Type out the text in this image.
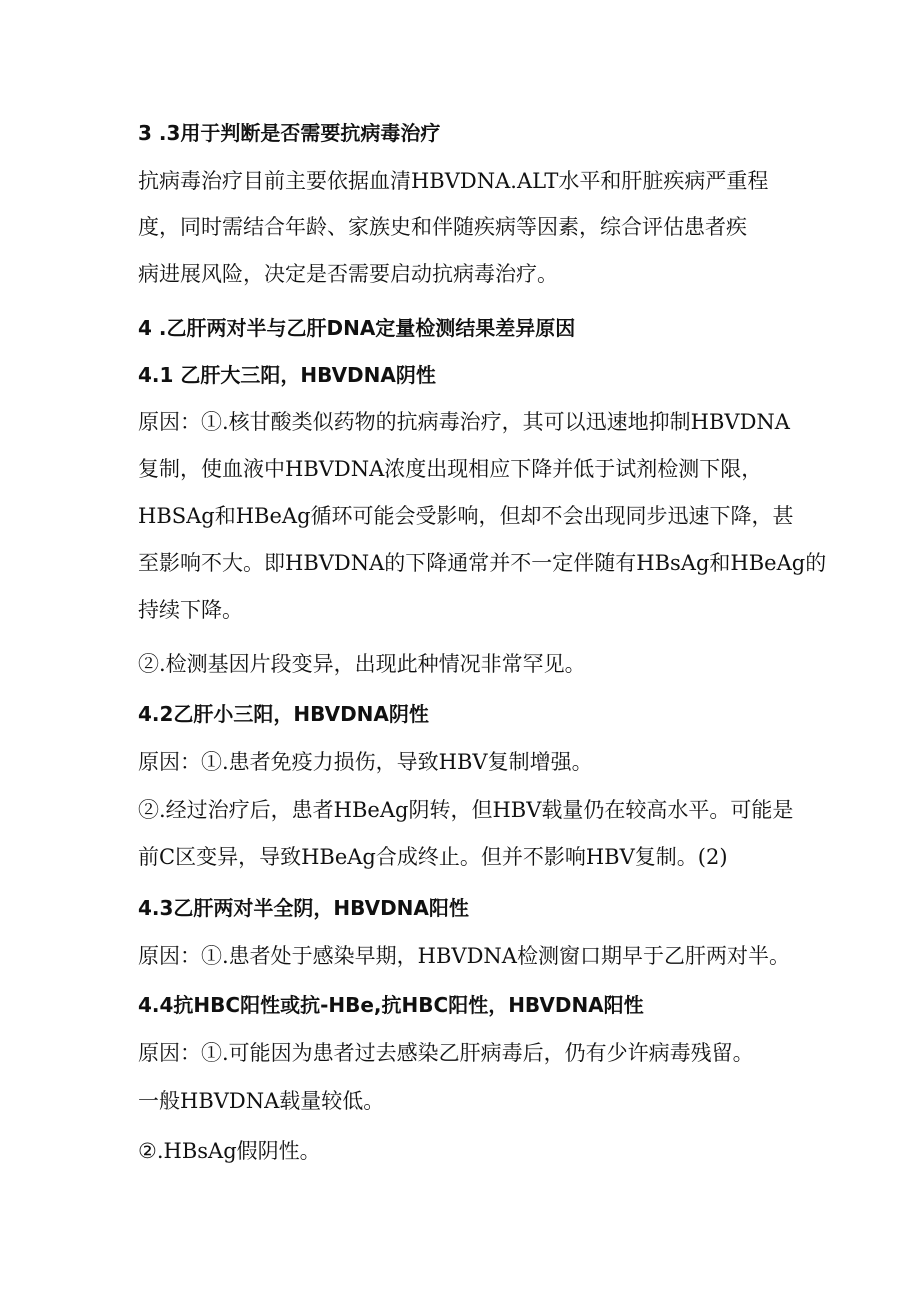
3 .3用于判断是否需要抗病毒治疗
抗病毒治疗目前主要依据血清HBVDNA.ALT水平和肝脏疾病严重程
度，同时需结合年龄、家族史和伴随疾病等因素，综合评估患者疾
病进展风险，决定是否需要启动抗病毒治疗。
4 .乙肝两对半与乙肝DNA定量检测结果差异原因
4.1 乙肝大三阳，HBVDNA阴性
原因：①.核甘酸类似药物的抗病毒治疗，其可以迅速地抑制HBVDNA
复制，使血液中HBVDNA浓度出现相应下降并低于试剂检测下限，
HBSAg和HBeAg循环可能会受影响，但却不会出现同步迅速下降，甚
至影响不大。即HBVDNA的下降通常并不一定伴随有HBsAg和HBeAg的
持续下降。
②.检测基因片段变异，出现此种情况非常罕见。
4.2乙肝小三阳，HBVDNA阴性
原因：①.患者免疫力损伤，导致HBV复制增强。
②.经过治疗后，患者HBeAg阴转，但HBV载量仍在较高水平。可能是
前C区变异，导致HBeAg合成终止。但并不影响HBV复制。(2)
4.3乙肝两对半全阴，HBVDNA阳性
原因：①.患者处于感染早期，HBVDNA检测窗口期早于乙肝两对半。
4.4抗HBC阳性或抗-HBe,抗HBC阳性，HBVDNA阳性
原因：①.可能因为患者过去感染乙肝病毒后，仍有少许病毒残留。
一般HBVDNA载量较低。
②.HBsAg假阴性。
